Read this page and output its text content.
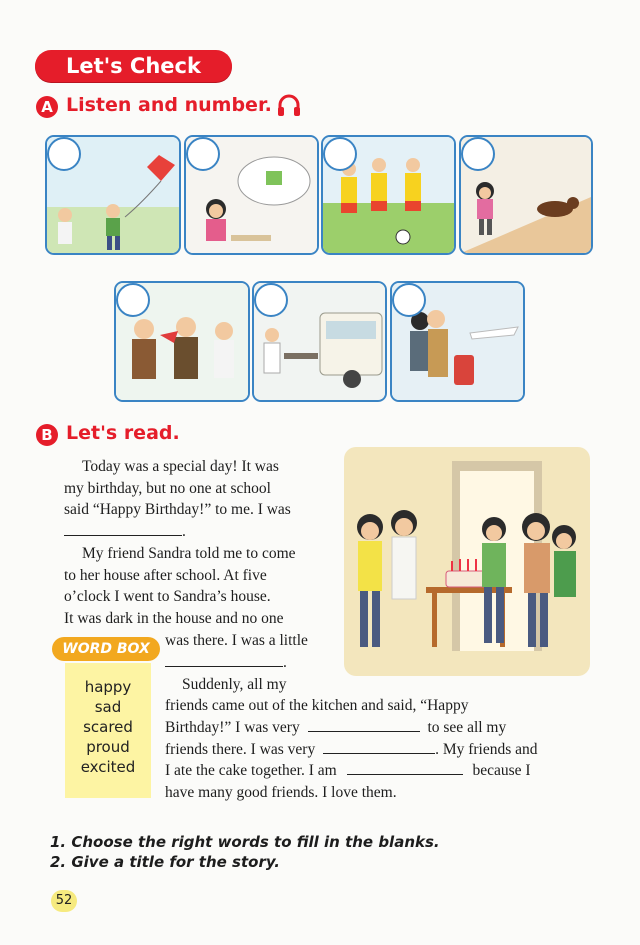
Let's Check
A Listen and number.
B Let's read.
Today was a special day! It was
my birthday, but no one at school
said “Happy Birthday!” to me. I was
.
My friend Sandra told me to come
to her house after school. At five
o’clock I went to Sandra’s house.
It was dark in the house and no one
was there. I was a little
.
Suddenly, all my
friends came out of the kitchen and said, “Happy
Birthday!” I was very	to see all my
friends there. I was very	. My friends and
I ate the cake together. I am	because I
have many good friends. I love them.
happy
sad
scared
proud
excited
WORD BOX
1. Choose the right words to fill in the blanks.
2. Give a title for the story.
52
